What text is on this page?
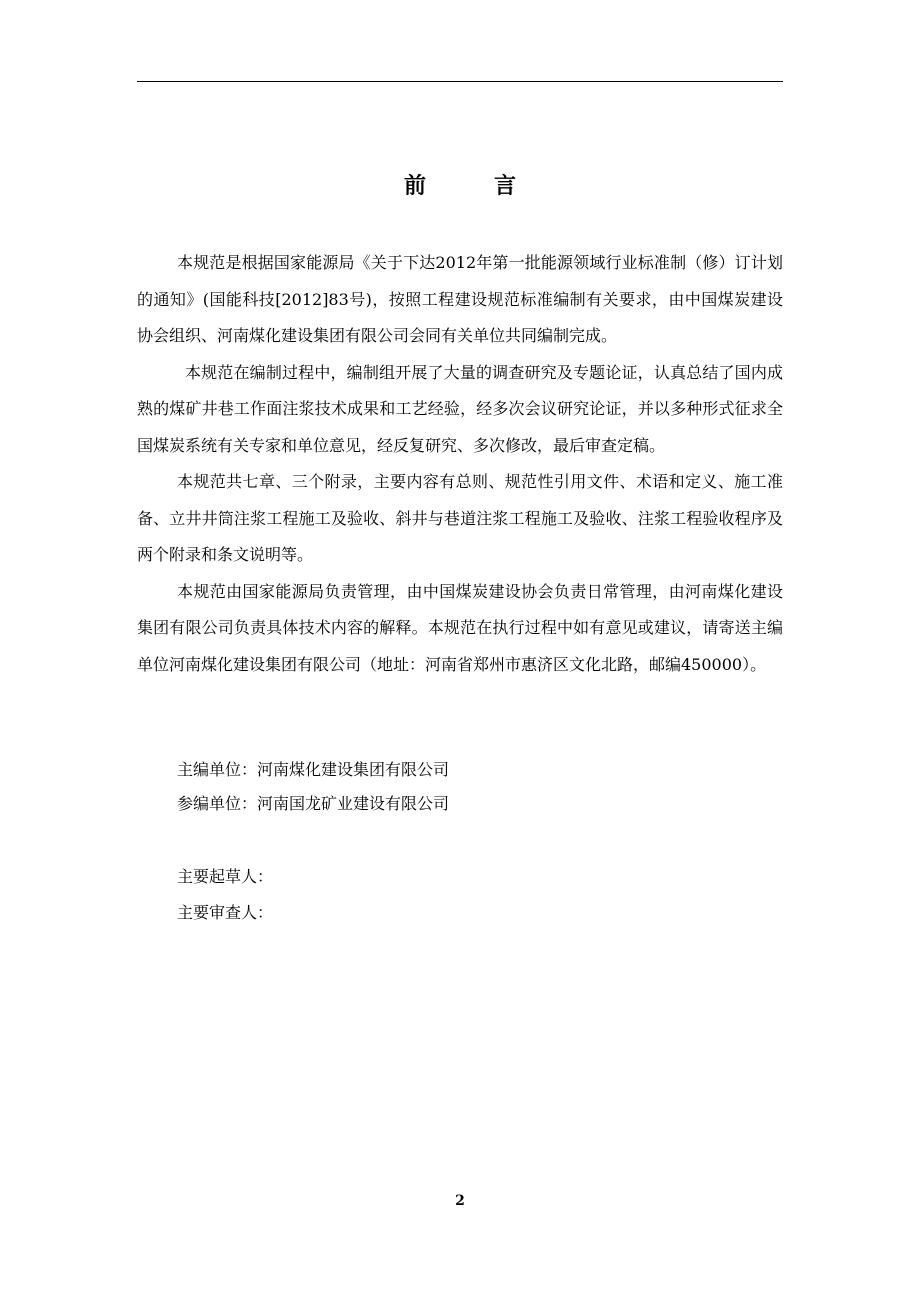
前言

本规范是根据国家能源局《关于下达2012年第一批能源领域行业标准制（修）订计划的通知》(国能科技[2012]83号)，按照工程建设规范标准编制有关要求，由中国煤炭建设协会组织、河南煤化建设集团有限公司会同有关单位共同编制完成。

本规范在编制过程中，编制组开展了大量的调查研究及专题论证，认真总结了国内成熟的煤矿井巷工作面注浆技术成果和工艺经验，经多次会议研究论证，并以多种形式征求全国煤炭系统有关专家和单位意见，经反复研究、多次修改，最后审查定稿。

本规范共七章、三个附录，主要内容有总则、规范性引用文件、术语和定义、施工准备、立井井筒注浆工程施工及验收、斜井与巷道注浆工程施工及验收、注浆工程验收程序及两个附录和条文说明等。

本规范由国家能源局负责管理，由中国煤炭建设协会负责日常管理，由河南煤化建设集团有限公司负责具体技术内容的解释。本规范在执行过程中如有意见或建议，请寄送主编单位河南煤化建设集团有限公司（地址：河南省郑州市惠济区文化北路，邮编450000）。

主编单位：河南煤化建设集团有限公司
参编单位：河南国龙矿业建设有限公司
主要起草人：
主要审查人：
2
